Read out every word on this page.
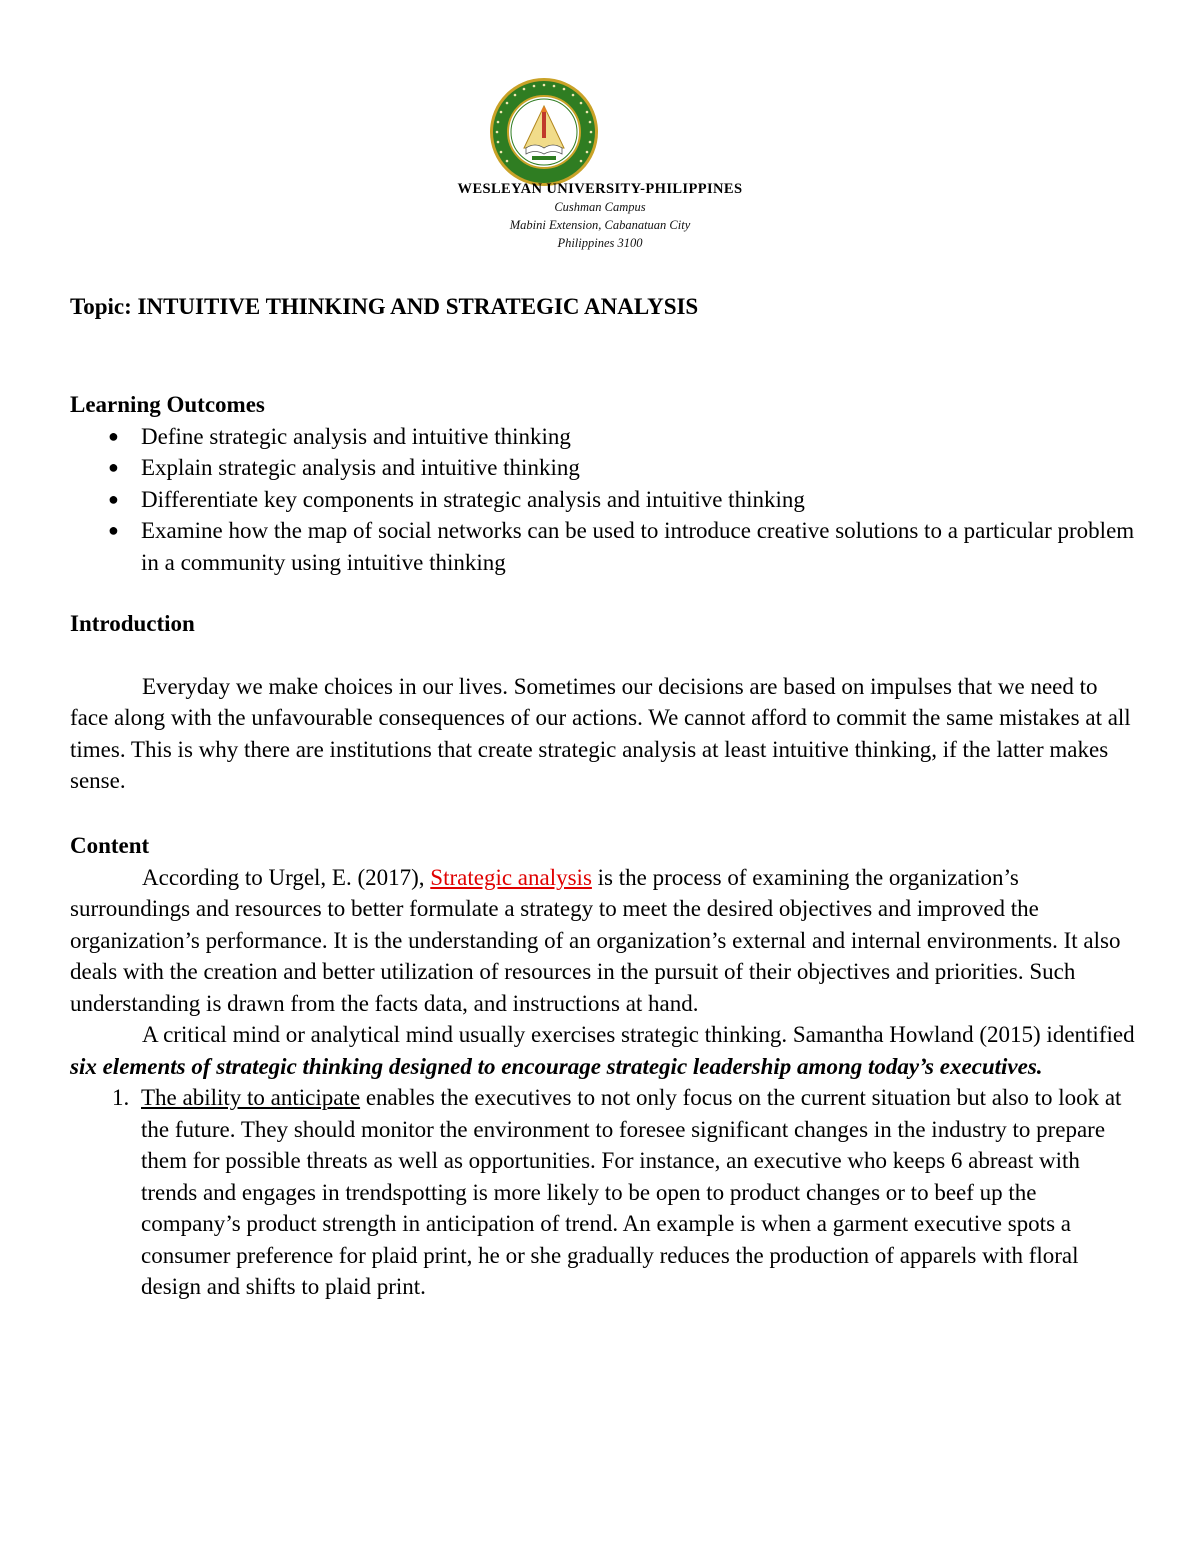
WESLEYAN UNIVERSITY-PHILIPPINES
Cushman Campus
Mabini Extension, Cabanatuan City
Philippines 3100
Topic: INTUITIVE THINKING AND STRATEGIC ANALYSIS

Learning Outcomes

● Define strategic analysis and intuitive thinking
● Explain strategic analysis and intuitive thinking
● Differentiate key components in strategic analysis and intuitive thinking
● Examine how the map of social networks can be used to introduce creative solutions to a particular problem in a community using intuitive thinking

Introduction

Everyday we make choices in our lives. Sometimes our decisions are based on impulses that we need to face along with the unfavourable consequences of our actions. We cannot afford to commit the same mistakes at all times. This is why there are institutions that create strategic analysis at least intuitive thinking, if the latter makes sense.

Content

According to Urgel, E. (2017), Strategic analysis is the process of examining the organization’s surroundings and resources to better formulate a strategy to meet the desired objectives and improved the organization’s performance. It is the understanding of an organization’s external and internal environments. It also deals with the creation and better utilization of resources in the pursuit of their objectives and priorities. Such understanding is drawn from the facts data, and instructions at hand.

A critical mind or analytical mind usually exercises strategic thinking. Samantha Howland (2015) identified six elements of strategic thinking designed to encourage strategic leadership among today’s executives.

1. The ability to anticipate enables the executives to not only focus on the current situation but also to look at the future. They should monitor the environment to foresee significant changes in the industry to prepare them for possible threats as well as opportunities. For instance, an executive who keeps 6 abreast with trends and engages in trendspotting is more likely to be open to product changes or to beef up the company’s product strength in anticipation of trend. An example is when a garment executive spots a consumer preference for plaid print, he or she gradually reduces the production of apparels with floral design and shifts to plaid print.
